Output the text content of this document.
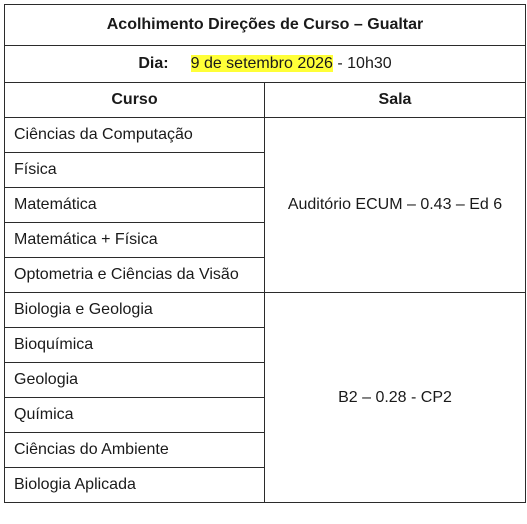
Acolhimento Direções de Curso – Gualtar	
Dia: 9 de setembro 2026 - 10h30	
Curso	Sala
Ciências da Computação	Auditório ECUM – 0.43 – Ed 6
Física	
Matemática	
Matemática + Física	
Optometria e Ciências da Visão	
Biologia e Geologia	B2 – 0.28 - CP2
Bioquímica	
Geologia	
Química	
Ciências do Ambiente	
Biologia Aplicada	
